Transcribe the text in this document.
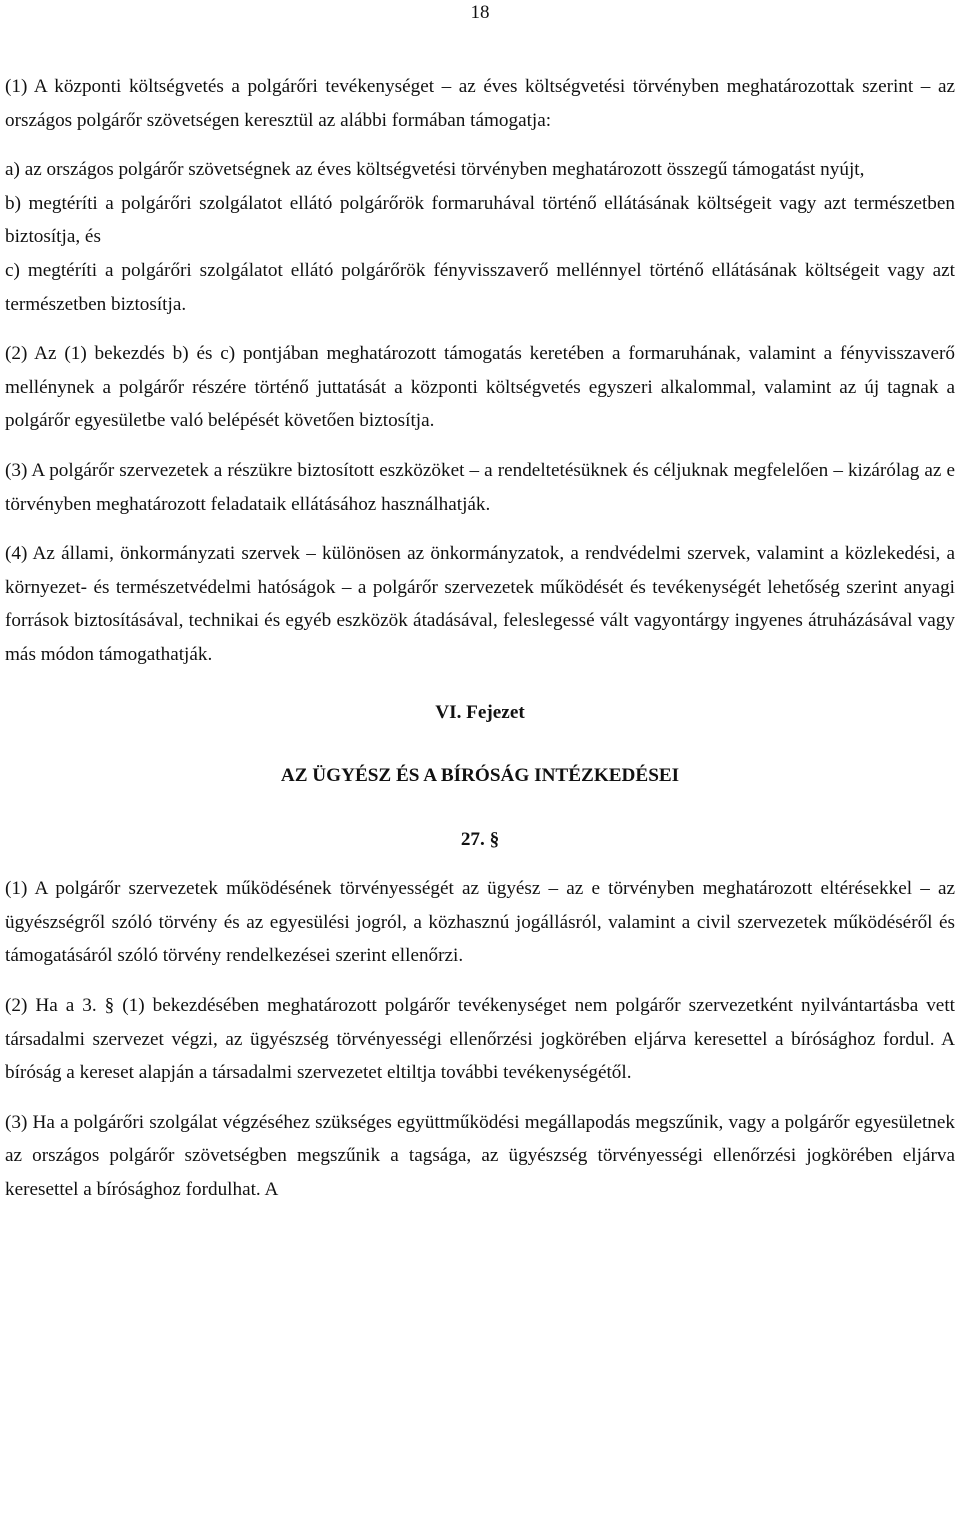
18

(1) A központi költségvetés a polgárőri tevékenységet – az éves költségvetési törvényben meghatározottak szerint – az országos polgárőr szövetségen keresztül az alábbi formában támogatja:

a) az országos polgárőr szövetségnek az éves költségvetési törvényben meghatározott összegű támogatást nyújt,

b) megtéríti a polgárőri szolgálatot ellátó polgárőrök formaruhával történő ellátásának költségeit vagy azt természetben biztosítja, és

c) megtéríti a polgárőri szolgálatot ellátó polgárőrök fényvisszaverő mellénnyel történő ellátásának költségeit vagy azt természetben biztosítja.

(2) Az (1) bekezdés b) és c) pontjában meghatározott támogatás keretében a formaruhának, valamint a fényvisszaverő mellénynek a polgárőr részére történő juttatását a központi költségvetés egyszeri alkalommal, valamint az új tagnak a polgárőr egyesületbe való belépését követően biztosítja.

(3) A polgárőr szervezetek a részükre biztosított eszközöket – a rendeltetésüknek és céljuknak megfelelően – kizárólag az e törvényben meghatározott feladataik ellátásához használhatják.

(4) Az állami, önkormányzati szervek – különösen az önkormányzatok, a rendvédelmi szervek, valamint a közlekedési, a környezet- és természetvédelmi hatóságok – a polgárőr szervezetek működését és tevékenységét lehetőség szerint anyagi források biztosításával, technikai és egyéb eszközök átadásával, feleslegessé vált vagyontárgy ingyenes átruházásával vagy más módon támogathatják.

VI. Fejezet
AZ ÜGYÉSZ ÉS A BÍRÓSÁG INTÉZKEDÉSEI
27. §

(1) A polgárőr szervezetek működésének törvényességét az ügyész – az e törvényben meghatározott eltérésekkel – az ügyészségről szóló törvény és az egyesülési jogról, a közhasznú jogállásról, valamint a civil szervezetek működéséről és támogatásáról szóló törvény rendelkezései szerint ellenőrzi.

(2) Ha a 3. § (1) bekezdésében meghatározott polgárőr tevékenységet nem polgárőr szervezetként nyilvántartásba vett társadalmi szervezet végzi, az ügyészség törvényességi ellenőrzési jogkörében eljárva keresettel a bírósághoz fordul. A bíróság a kereset alapján a társadalmi szervezetet eltiltja további tevékenységétől.

(3) Ha a polgárőri szolgálat végzéséhez szükséges együttműködési megállapodás megszűnik, vagy a polgárőr egyesületnek az országos polgárőr szövetségben megszűnik a tagsága, az ügyészség törvényességi ellenőrzési jogkörében eljárva keresettel a bírósághoz fordulhat. A
